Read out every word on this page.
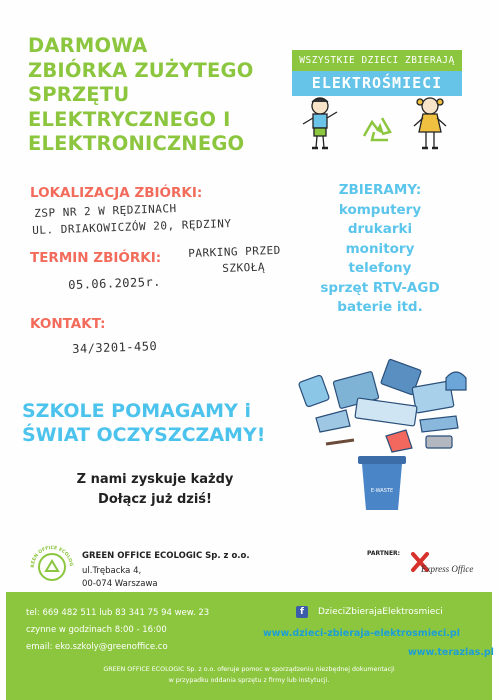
DARMOWA
ZBIÓRKA ZUŻYTEGO
SPRZĘTU
ELEKTRYCZNEGO I
ELEKTRONICZNEGO
WSZYSTKIE DZIECI ZBIERAJĄ
ELEKTROŚMIECI
LOKALIZACJA ZBIÓRKI:
ZSP NR 2 W RĘDZINACH
UL. DRIAKOWICZÓW 20, RĘDZINY
PARKING PRZED
SZKOŁĄ
TERMIN ZBIÓRKI:
05.06.2025r.
KONTAKT:
34/3201-450
ZBIERAMY:
komputery
drukarki
monitory
telefony
sprzęt RTV-AGD
baterie itd.
E-WASTE
SZKOLE POMAGAMY i
ŚWIAT OCZYSZCZAMY!
Z nami zyskuje każdy
Dołącz już dziś!
REEN OFFICE ECOLOG
GREEN OFFICE ECOLOGIC Sp. z o.o.
ul.Trębacka 4,
00-074 Warszawa
PARTNER:
Express Office
tel: 669 482 511 lub 83 341 75 94 wew. 23
czynne w godzinach 8:00 - 16:00
email: eko.szkoly@greenoffice.co
f	DzieciZbierajaElektrosmieci
www.dzieci-zbieraja-elektrosmieci.pl
www.terazlas.pl
GREEN OFFICE ECOLOGIC Sp. z o.o. oferuje pomoc w sporządzeniu niezbędnej dokumentacji
w przypadku oddania sprzętu z firmy lub instytucji.
